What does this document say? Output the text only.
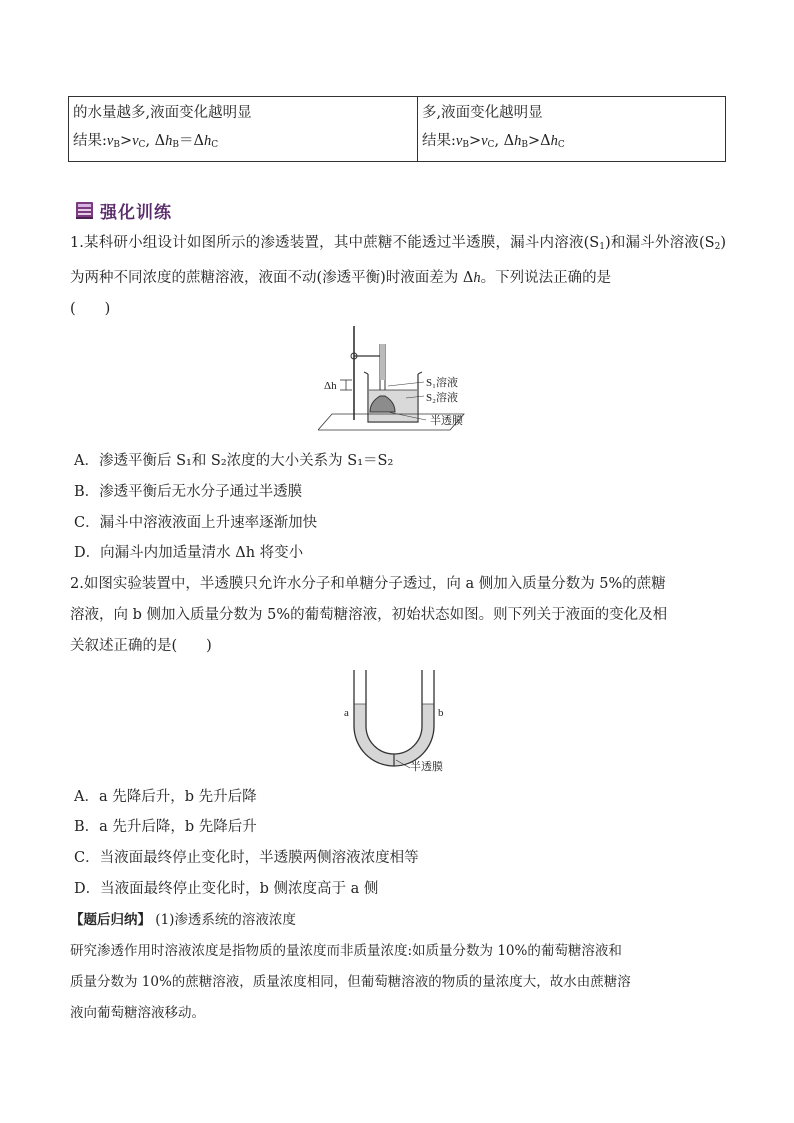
的水量越多,液面变化越明显
结果$:v_B>v_C$, $\Delta h_B=\Delta h_C$

多,液面变化越明显
结果$:v_B>v_C$, $\Delta h_B>\Delta h_C$
强化训练
1.某科研小组设计如图所示的渗透装置，其中蔗糖不能透过半透膜，漏斗内溶液$(S_1)$和漏斗外溶液$(S_2)$为两种不同浓度的蔗糖溶液，液面不动(渗透平衡)时液面差为 Δh。下列说法正确的是
(　　)
Δh	S₁溶液
S₂溶液
半透膜
A．渗透平衡后 S₁和 S₂浓度的大小关系为 S₁＝S₂
B．渗透平衡后无水分子通过半透膜
C．漏斗中溶液液面上升速率逐渐加快
D．向漏斗内加适量清水 Δh 将变小
2.如图实验装置中，半透膜只允许水分子和单糖分子透过，向 a 侧加入质量分数为 5%的蔗糖
溶液，向 b 侧加入质量分数为 5%的葡萄糖溶液，初始状态如图。则下列关于液面的变化及相
关叙述正确的是(　　)
a	b
半透膜
A．a 先降后升，b 先升后降
B．a 先升后降，b 先降后升
C．当液面最终停止变化时，半透膜两侧溶液浓度相等
D．当液面最终停止变化时，b 侧浓度高于 a 侧
【题后归纳】 (1)渗透系统的溶液浓度
研究渗透作用时溶液浓度是指物质的量浓度而非质量浓度:如质量分数为 10%的葡萄糖溶液和
质量分数为 10%的蔗糖溶液，质量浓度相同，但葡萄糖溶液的物质的量浓度大，故水由蔗糖溶
液向葡萄糖溶液移动。
